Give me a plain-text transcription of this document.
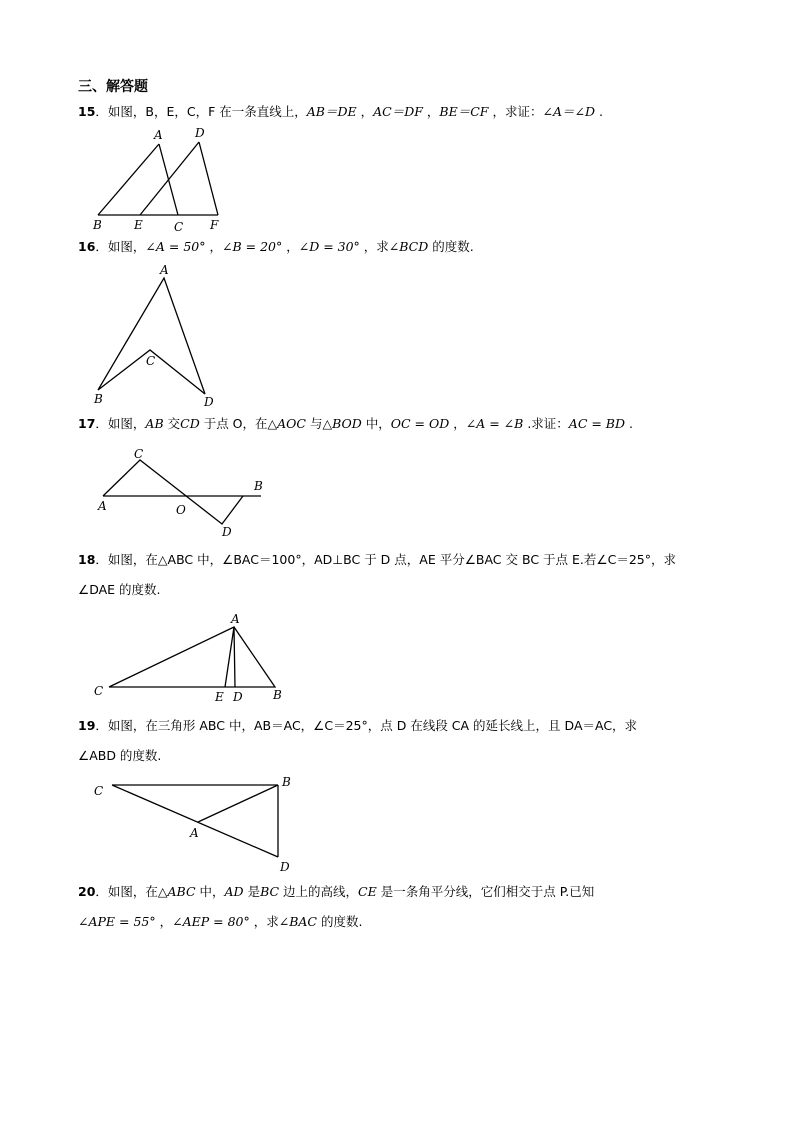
三、解答题
15．如图，B，E，C，F 在一条直线上，AB＝DE ，AC＝DF ，BE＝CF ，求证：∠A＝∠D .
A	D
B	E	C F
16．如图，∠A = 50° ，∠B = 20° ，∠D = 30° ，求∠BCD 的度数.
A
C
B	D
17．如图，AB 交CD 于点 O，在△AOC 与△BOD 中，OC = OD ，∠A = ∠B .求证：AC = BD .
C
B
A	O
D
18．如图，在△ABC 中，∠BAC＝100°，AD⊥BC 于 D 点，AE 平分∠BAC 交 BC 于点 E.若∠C＝25°，求
∠DAE 的度数.
A
C	E D	B
19．如图，在三角形 ABC 中，AB＝AC，∠C＝25°，点 D 在线段 CA 的延长线上，且 DA＝AC，求
∠ABD 的度数.
C
B
A
D
20．如图，在△ABC 中，AD 是BC 边上的高线，CE 是一条角平分线，它们相交于点 P.已知
∠APE = 55° ，∠AEP = 80° ，求∠BAC 的度数.
